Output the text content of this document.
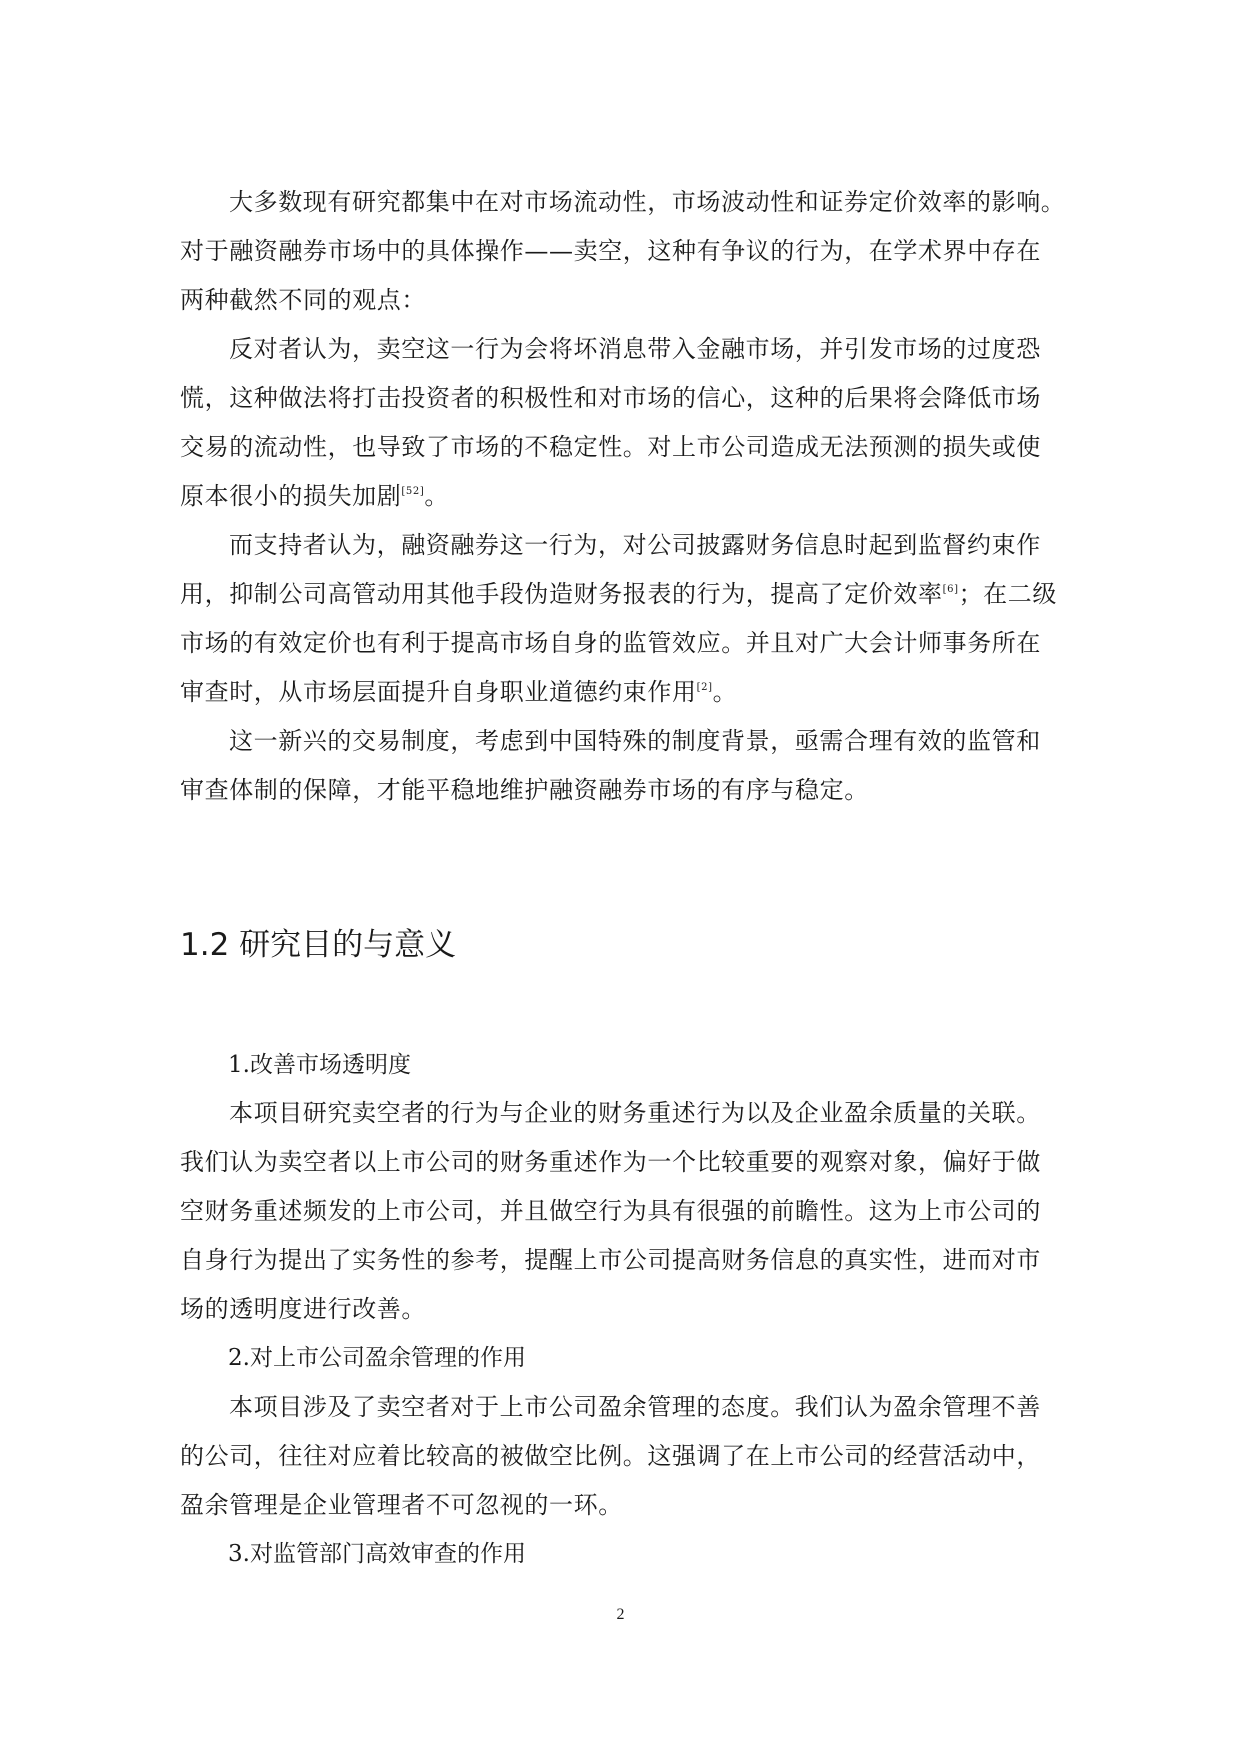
大多数现有研究都集中在对市场流动性，市场波动性和证券定价效率的影响。
对于融资融券市场中的具体操作——卖空，这种有争议的行为，在学术界中存在
两种截然不同的观点：
反对者认为，卖空这一行为会将坏消息带入金融市场，并引发市场的过度恐
慌，这种做法将打击投资者的积极性和对市场的信心，这种的后果将会降低市场
交易的流动性，也导致了市场的不稳定性。对上市公司造成无法预测的损失或使
原本很小的损失加剧[52]。
而支持者认为，融资融券这一行为，对公司披露财务信息时起到监督约束作
用，抑制公司高管动用其他手段伪造财务报表的行为，提高了定价效率[6]；在二级
市场的有效定价也有利于提高市场自身的监管效应。并且对广大会计师事务所在
审查时，从市场层面提升自身职业道德约束作用[2]。
这一新兴的交易制度，考虑到中国特殊的制度背景，亟需合理有效的监管和
审查体制的保障，才能平稳地维护融资融券市场的有序与稳定。
1.2 研究目的与意义
1.改善市场透明度
本项目研究卖空者的行为与企业的财务重述行为以及企业盈余质量的关联。
我们认为卖空者以上市公司的财务重述作为一个比较重要的观察对象，偏好于做
空财务重述频发的上市公司，并且做空行为具有很强的前瞻性。这为上市公司的
自身行为提出了实务性的参考，提醒上市公司提高财务信息的真实性，进而对市
场的透明度进行改善。
2.对上市公司盈余管理的作用
本项目涉及了卖空者对于上市公司盈余管理的态度。我们认为盈余管理不善
的公司，往往对应着比较高的被做空比例。这强调了在上市公司的经营活动中，
盈余管理是企业管理者不可忽视的一环。
3.对监管部门高效审查的作用
2
